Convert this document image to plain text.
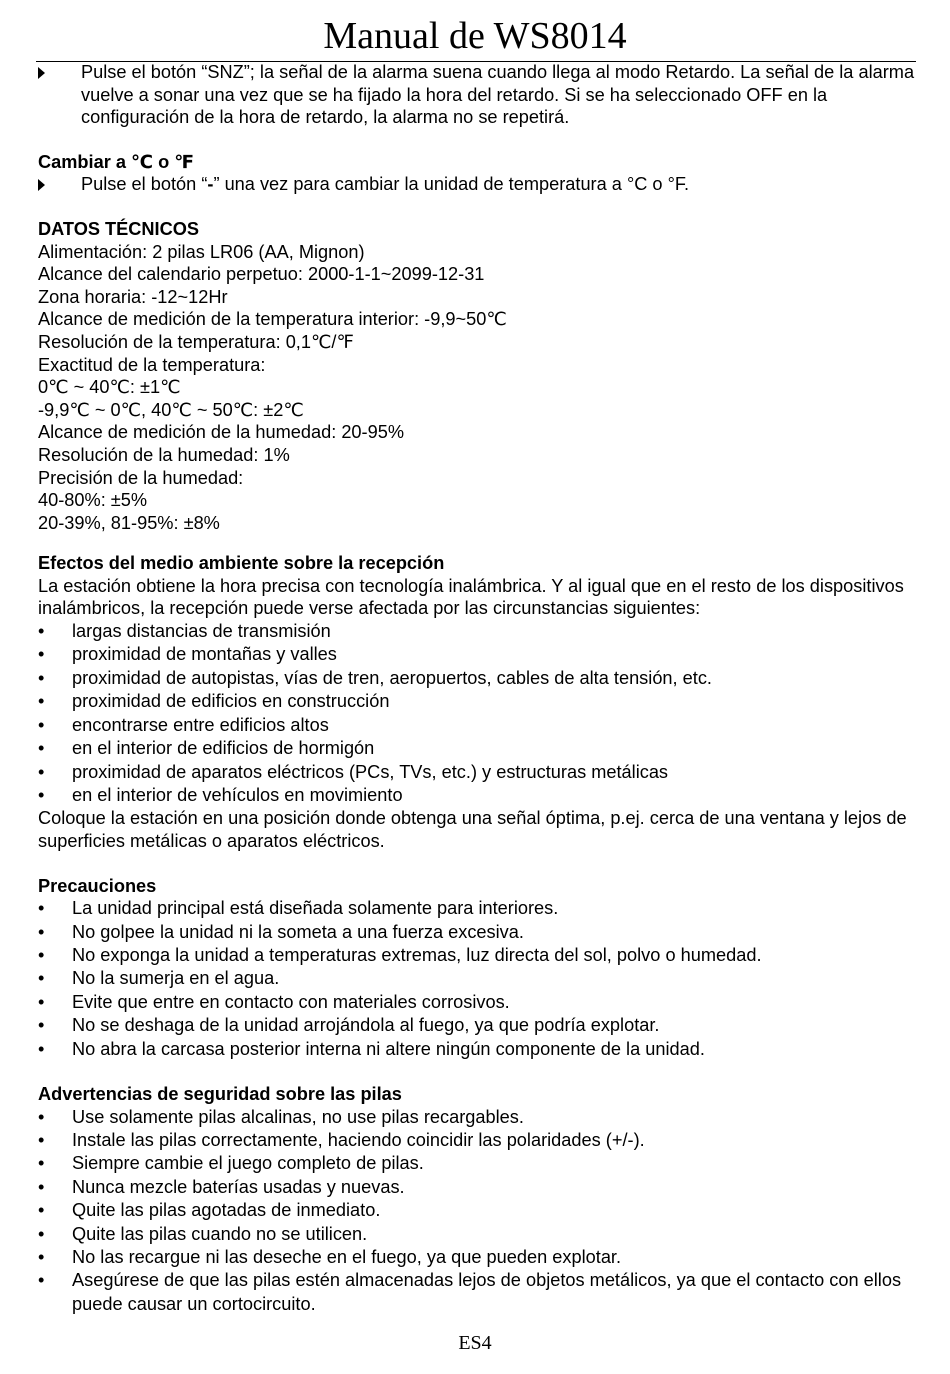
Manual de WS8014
Pulse el botón “SNZ”; la señal de la alarma suena cuando llega al modo Retardo. La señal de la alarma vuelve a sonar una vez que se ha fijado la hora del retardo. Si se ha seleccionado OFF en la configuración de la hora de retardo, la alarma no se repetirá.
Cambiar a ℃ o ℉
Pulse el botón “-” una vez para cambiar la unidad de temperatura a °C o °F.
DATOS TÉCNICOS
Alimentación: 2 pilas LR06 (AA, Mignon)
Alcance del calendario perpetuo: 2000-1-1~2099-12-31
Zona horaria: -12~12Hr
Alcance de medición de la temperatura interior: -9,9~50℃
Resolución de la temperatura: 0,1℃/℉
Exactitud de la temperatura:
0℃ ~ 40℃: ±1℃
-9,9℃ ~ 0℃, 40℃ ~ 50℃: ±2℃
Alcance de medición de la humedad: 20-95%
Resolución de la humedad: 1%
Precisión de la humedad:
40-80%: ±5%
20-39%, 81-95%: ±8%
Efectos del medio ambiente sobre la recepción
La estación obtiene la hora precisa con tecnología inalámbrica. Y al igual que en el resto de los dispositivos inalámbricos, la recepción puede verse afectada por las circunstancias siguientes:
• largas distancias de transmisión
• proximidad de montañas y valles
• proximidad de autopistas, vías de tren, aeropuertos, cables de alta tensión, etc.
• proximidad de edificios en construcción
• encontrarse entre edificios altos
• en el interior de edificios de hormigón
• proximidad de aparatos eléctricos (PCs, TVs, etc.) y estructuras metálicas
• en el interior de vehículos en movimiento
Coloque la estación en una posición donde obtenga una señal óptima, p.ej. cerca de una ventana y lejos de superficies metálicas o aparatos eléctricos.
Precauciones
• La unidad principal está diseñada solamente para interiores.
• No golpee la unidad ni la someta a una fuerza excesiva.
• No exponga la unidad a temperaturas extremas, luz directa del sol, polvo o humedad.
• No la sumerja en el agua.
• Evite que entre en contacto con materiales corrosivos.
• No se deshaga de la unidad arrojándola al fuego, ya que podría explotar.
• No abra la carcasa posterior interna ni altere ningún componente de la unidad.
Advertencias de seguridad sobre las pilas
• Use solamente pilas alcalinas, no use pilas recargables.
• Instale las pilas correctamente, haciendo coincidir las polaridades (+/-).
• Siempre cambie el juego completo de pilas.
• Nunca mezcle baterías usadas y nuevas.
• Quite las pilas agotadas de inmediato.
• Quite las pilas cuando no se utilicen.
• No las recargue ni las deseche en el fuego, ya que pueden explotar.
• Asegúrese de que las pilas estén almacenadas lejos de objetos metálicos, ya que el contacto con ellos puede causar un cortocircuito.
ES4
